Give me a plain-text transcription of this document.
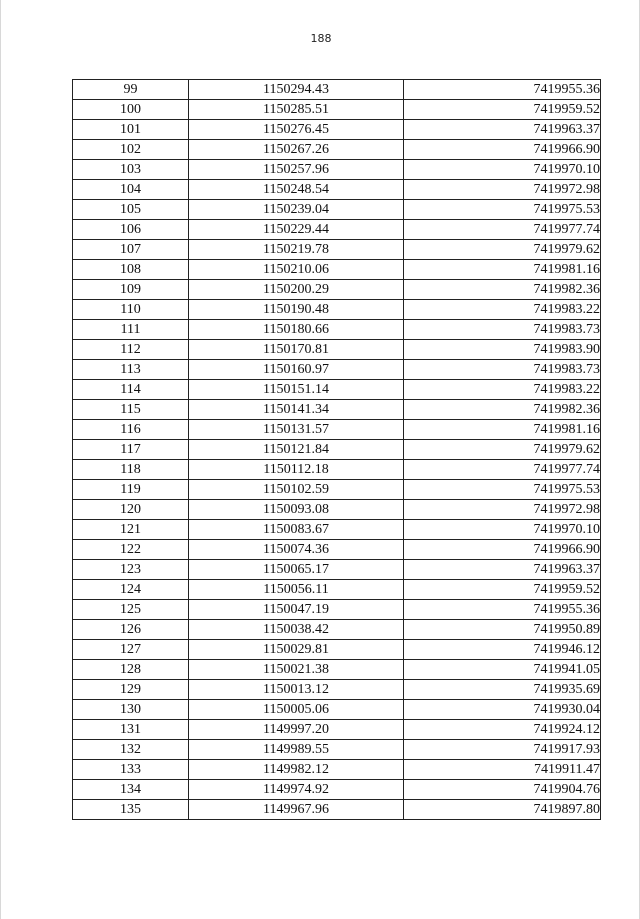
188
99	1150294.43	7419955.36
100	1150285.51	7419959.52
101	1150276.45	7419963.37
102	1150267.26	7419966.90
103	1150257.96	7419970.10
104	1150248.54	7419972.98
105	1150239.04	7419975.53
106	1150229.44	7419977.74
107	1150219.78	7419979.62
108	1150210.06	7419981.16
109	1150200.29	7419982.36
110	1150190.48	7419983.22
111	1150180.66	7419983.73
112	1150170.81	7419983.90
113	1150160.97	7419983.73
114	1150151.14	7419983.22
115	1150141.34	7419982.36
116	1150131.57	7419981.16
117	1150121.84	7419979.62
118	1150112.18	7419977.74
119	1150102.59	7419975.53
120	1150093.08	7419972.98
121	1150083.67	7419970.10
122	1150074.36	7419966.90
123	1150065.17	7419963.37
124	1150056.11	7419959.52
125	1150047.19	7419955.36
126	1150038.42	7419950.89
127	1150029.81	7419946.12
128	1150021.38	7419941.05
129	1150013.12	7419935.69
130	1150005.06	7419930.04
131	1149997.20	7419924.12
132	1149989.55	7419917.93
133	1149982.12	7419911.47
134	1149974.92	7419904.76
135	1149967.96	7419897.80
